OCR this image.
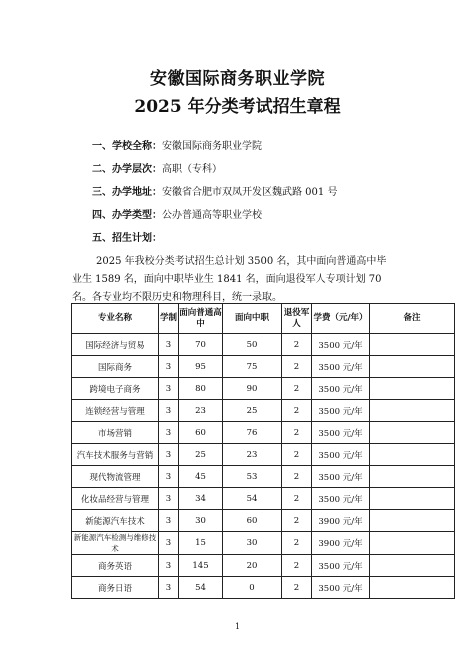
安徽国际商务职业学院
2025 年分类考试招生章程
一、学校全称：安徽国际商务职业学院
二、办学层次：高职（专科）
三、办学地址：安徽省合肥市双凤开发区魏武路 001 号
四、办学类型：公办普通高等职业学校
五、招生计划：
2025 年我校分类考试招生总计划 3500 名，其中面向普通高中毕
业生 1589 名，面向中职毕业生 1841 名，面向退役军人专项计划 70
名。各专业均不限历史和物理科目，统一录取。
专业名称	学制	面向普通高中	面向中职	退役军人	学费（元/年）	备注
国际经济与贸易	3	70	50	2	3500 元/年	
国际商务	3	95	75	2	3500 元/年	
跨境电子商务	3	80	90	2	3500 元/年	
连锁经营与管理	3	23	25	2	3500 元/年	
市场营销	3	60	76	2	3500 元/年	
汽车技术服务与营销	3	25	23	2	3500 元/年	
现代物流管理	3	45	53	2	3500 元/年	
化妆品经营与管理	3	34	54	2	3500 元/年	
新能源汽车技术	3	30	60	2	3900 元/年	
新能源汽车检测与维修技术	3	15	30	2	3900 元/年	
商务英语	3	145	20	2	3500 元/年	
商务日语	3	54	0	2	3500 元/年	
1
